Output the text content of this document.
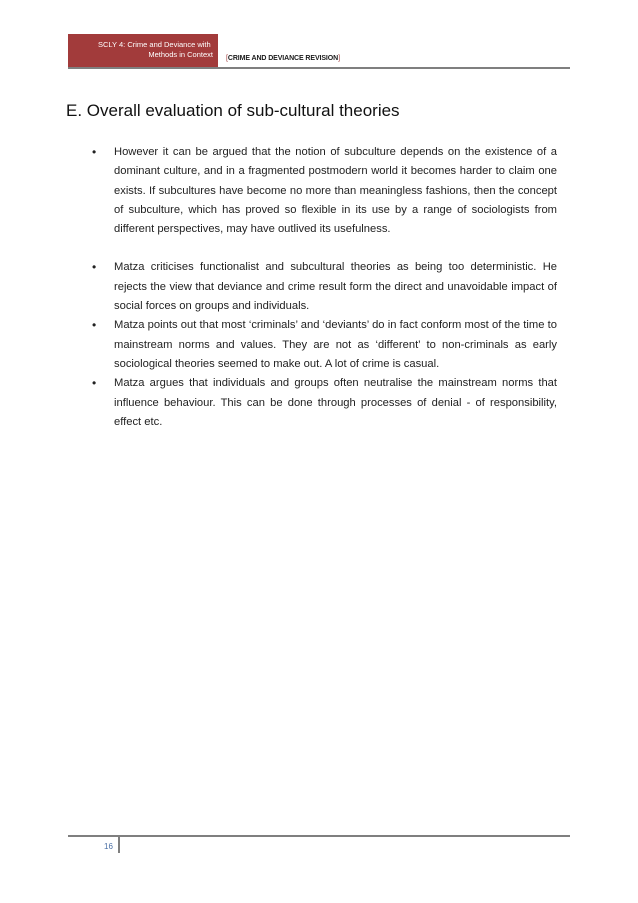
SCLY 4: Crime and Deviance with
Methods in Context [CRIME AND DEVIANCE REVISION]
E. Overall evaluation of sub-cultural theories
• However it can be argued that the notion of subculture depends on the existence of a dominant culture, and in a fragmented postmodern world it becomes harder to claim one exists. If subcultures have become no more than meaningless fashions, then the concept of subculture, which has proved so flexible in its use by a range of sociologists from different perspectives, may have outlived its usefulness.
• Matza criticises functionalist and subcultural theories as being too deterministic. He rejects the view that deviance and crime result form the direct and unavoidable impact of social forces on groups and individuals.
• Matza points out that most ‘criminals’ and ‘deviants’ do in fact conform most of the time to mainstream norms and values. They are not as ‘different’ to non-criminals as early sociological theories seemed to make out. A lot of crime is casual.
• Matza argues that individuals and groups often neutralise the mainstream norms that influence behaviour. This can be done through processes of denial - of responsibility, effect etc.
16
